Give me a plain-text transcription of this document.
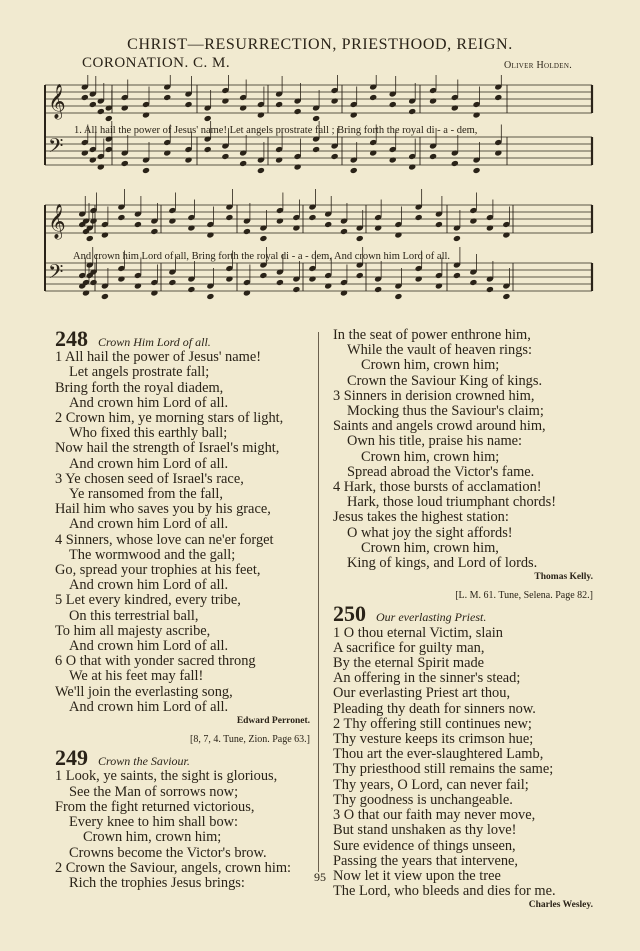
CHRIST—RESURRECTION, PRIESTHOOD, REIGN.
CORONATION. C. M.	Oliver Holden.
𝄞
𝄢
𝄞
𝄢
1. All hail the power of Jesus' name! Let angels prostrate fall ; Bring forth the royal di - a - dem,
And crown him Lord of all, Bring forth the royal di - a - dem, And crown him Lord of all.
248 Crown Him Lord of all.
1 All hail the power of Jesus' name!
Let angels prostrate fall;
Bring forth the royal diadem,
And crown him Lord of all.
2 Crown him, ye morning stars of light,
Who fixed this earthly ball;
Now hail the strength of Israel's might,
And crown him Lord of all.
3 Ye chosen seed of Israel's race,
Ye ransomed from the fall,
Hail him who saves you by his grace,
And crown him Lord of all.
4 Sinners, whose love can ne'er forget
The wormwood and the gall;
Go, spread your trophies at his feet,
And crown him Lord of all.
5 Let every kindred, every tribe,
On this terrestrial ball,
To him all majesty ascribe,
And crown him Lord of all.
6 O that with yonder sacred throng
We at his feet may fall!
We'll join the everlasting song,
And crown him Lord of all.
Edward Perronet.
[8, 7, 4. Tune, Zion. Page 63.]
249 Crown the Saviour.
1 Look, ye saints, the sight is glorious,
See the Man of sorrows now;
From the fight returned victorious,
Every knee to him shall bow:
Crown him, crown him;
Crowns become the Victor's brow.
2 Crown the Saviour, angels, crown him:
Rich the trophies Jesus brings:
In the seat of power enthrone him,
While the vault of heaven rings:
Crown him, crown him;
Crown the Saviour King of kings.
3 Sinners in derision crowned him,
Mocking thus the Saviour's claim;
Saints and angels crowd around him,
Own his title, praise his name:
Crown him, crown him;
Spread abroad the Victor's fame.
4 Hark, those bursts of acclamation!
Hark, those loud triumphant chords!
Jesus takes the highest station:
O what joy the sight affords!
Crown him, crown him,
King of kings, and Lord of lords.
Thomas Kelly.
[L. M. 61. Tune, Selena. Page 82.]
250 Our everlasting Priest.
1 O thou eternal Victim, slain
A sacrifice for guilty man,
By the eternal Spirit made
An offering in the sinner's stead;
Our everlasting Priest art thou,
Pleading thy death for sinners now.
2 Thy offering still continues new;
Thy vesture keeps its crimson hue;
Thou art the ever-slaughtered Lamb,
Thy priesthood still remains the same;
Thy years, O Lord, can never fail;
Thy goodness is unchangeable.
3 O that our faith may never move,
But stand unshaken as thy love!
Sure evidence of things unseen,
Passing the years that intervene,
Now let it view upon the tree
The Lord, who bleeds and dies for me.
Charles Wesley.
95
